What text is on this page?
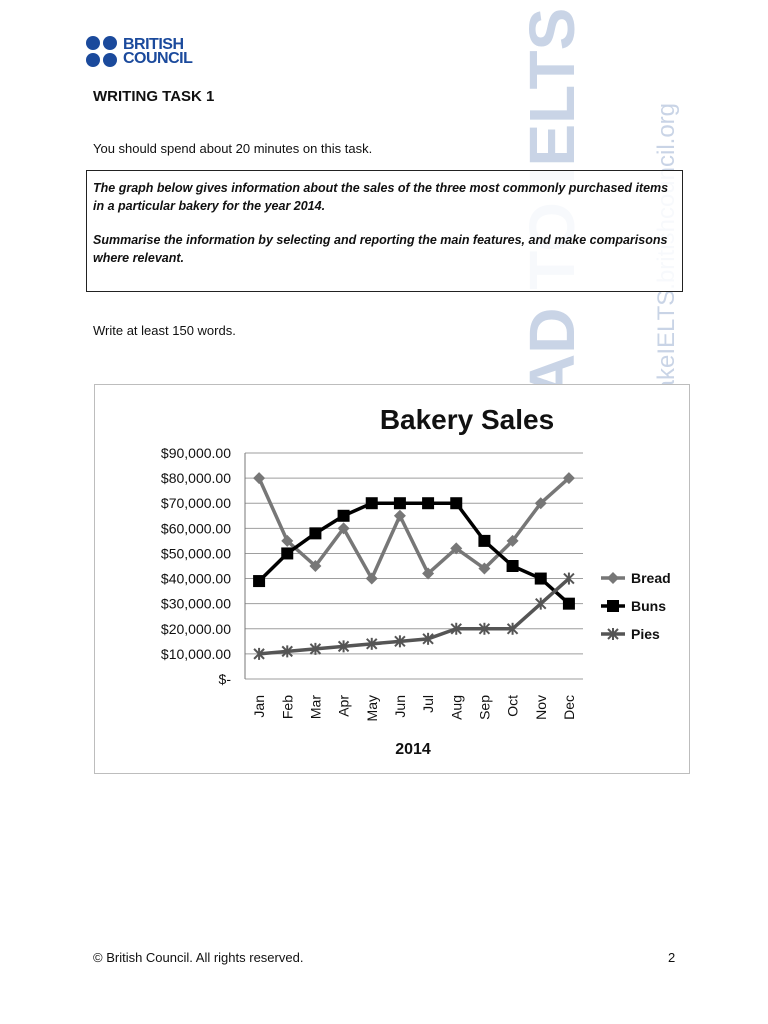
BRITISH
COUNCIL
WRITING TASK 1
You should spend about 20 minutes on this task.

The graph below gives information about the sales of the three most commonly purchased items in a particular bakery for the year 2014.

Summarise the information by selecting and reporting the main features, and make comparisons where relevant.

Write at least 150 words.
Bakery Sales
$-
$10,000.00
$20,000.00
$30,000.00
$40,000.00
$50,000.00
$60,000.00
$70,000.00
$80,000.00
$90,000.00
Jan Feb Mar Apr May Jun Jul Aug Sep Oct Nov Dec
Bread
Buns
Pies
2014
© British Council. All rights reserved.	2
